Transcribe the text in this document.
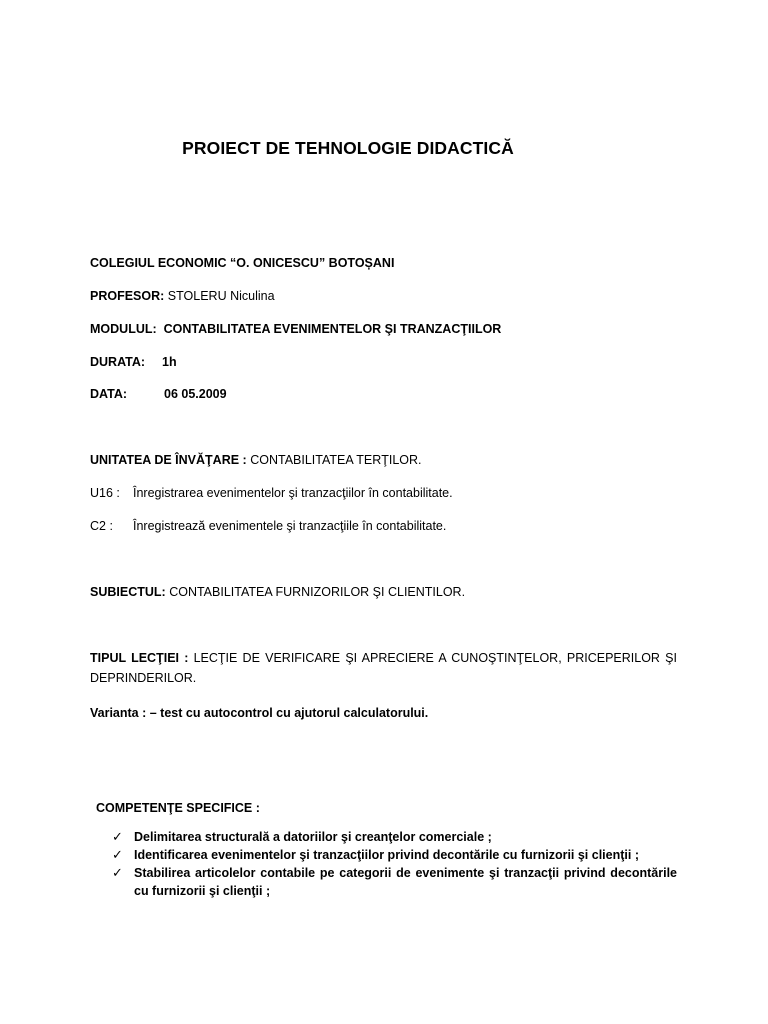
PROIECT DE TEHNOLOGIE DIDACTICĂ
COLEGIUL ECONOMIC “O. ONICESCU” BOTOȘANI
PROFESOR: STOLERU Niculina
MODULUL: CONTABILITATEA EVENIMENTELOR ŞI TRANZACŢIILOR
DURATA: 1h
DATA:	06 05.2009
UNITATEA DE ÎNVĂŢARE : CONTABILITATEA TERŢILOR.
U16 : Înregistrarea evenimentelor şi tranzacţiilor în contabilitate.
C2 : Înregistrează evenimentele şi tranzacţiile în contabilitate.
SUBIECTUL: CONTABILITATEA FURNIZORILOR ŞI CLIENTILOR.
TIPUL LECŢIEI : LECŢIE DE VERIFICARE ŞI APRECIERE A CUNOŞTINŢELOR, PRICEPERILOR ŞI
DEPRINDERILOR.
Varianta : – test cu autocontrol cu ajutorul calculatorului.
COMPETENŢE SPECIFICE :
✓ Delimitarea structurală a datoriilor şi creanţelor comerciale ;
✓ Identificarea evenimentelor şi tranzacţiilor privind decontările cu furnizorii şi clienţii ;
✓ Stabilirea articolelor contabile pe categorii de evenimente şi tranzacţii privind decontările cu furnizorii şi clienţii ;
